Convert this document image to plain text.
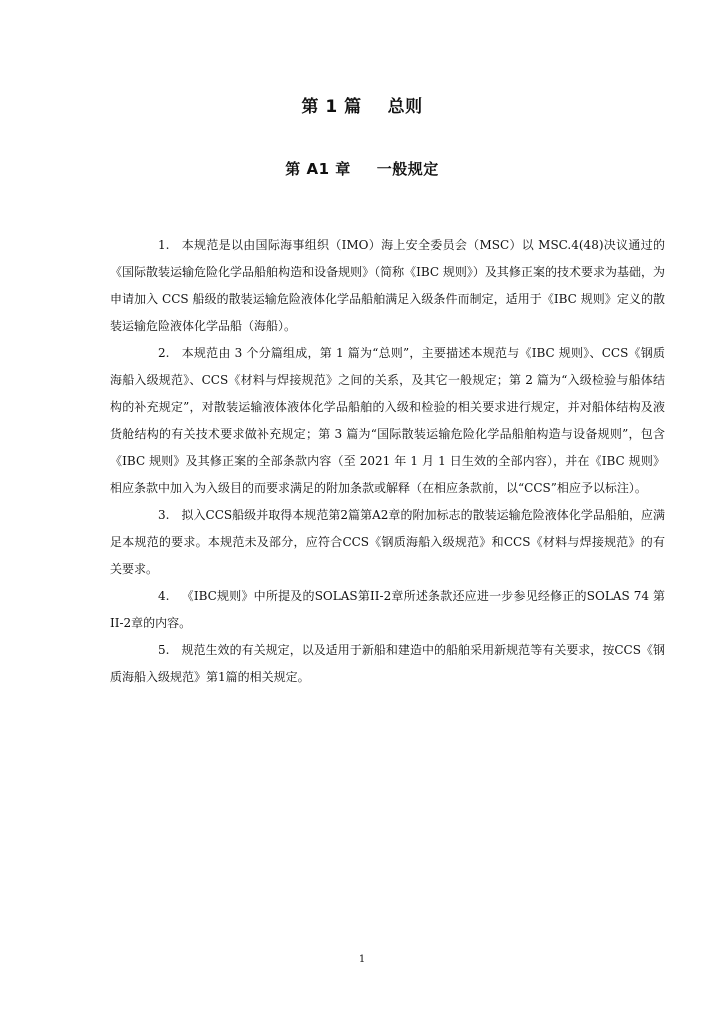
第 1 篇 总则
第 A1 章 一般规定

1. 本规范是以由国际海事组织（IMO）海上安全委员会（MSC）以 MSC.4(48)决议通过的《国际散装运输危险化学品船舶构造和设备规则》（简称《IBC 规则》）及其修正案的技术要求为基础，为申请加入 CCS 船级的散装运输危险液体化学品船舶满足入级条件而制定，适用于《IBC 规则》定义的散装运输危险液体化学品船（海船）。

2. 本规范由 3 个分篇组成，第 1 篇为“总则”，主要描述本规范与《IBC 规则》、CCS《钢质海船入级规范》、CCS《材料与焊接规范》之间的关系，及其它一般规定；第 2 篇为“入级检验与船体结构的补充规定”，对散装运输液体液体化学品船舶的入级和检验的相关要求进行规定，并对船体结构及液货舱结构的有关技术要求做补充规定；第 3 篇为“国际散装运输危险化学品船舶构造与设备规则”，包含《IBC 规则》及其修正案的全部条款内容（至 2021 年 1 月 1 日生效的全部内容），并在《IBC 规则》相应条款中加入为入级目的而要求满足的附加条款或解释（在相应条款前，以“CCS”相应予以标注）。

3. 拟入CCS船级并取得本规范第2篇第A2章的附加标志的散装运输危险液体化学品船舶，应满足本规范的要求。本规范未及部分，应符合CCS《钢质海船入级规范》和CCS《材料与焊接规范》的有关要求。

4. 《IBC规则》中所提及的SOLAS第II-2章所述条款还应进一步参见经修正的SOLAS 74 第II-2章的内容。

5. 规范生效的有关规定，以及适用于新船和建造中的船舶采用新规范等有关要求，按CCS《钢质海船入级规范》第1篇的相关规定。

1
